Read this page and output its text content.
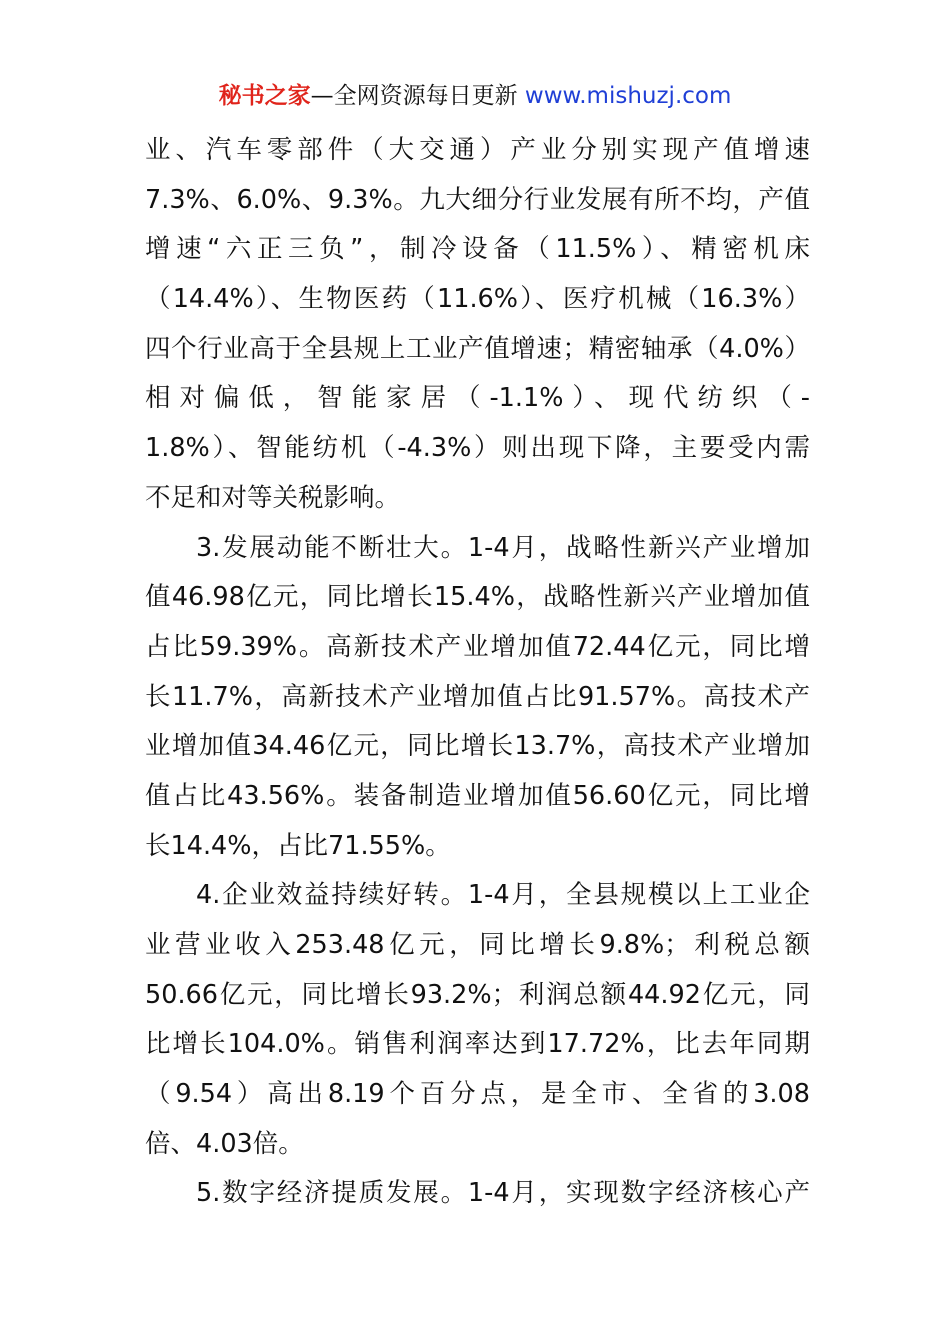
秘书之家—全网资源每日更新 www.mishuzj.com
业、汽车零部件（大交通）产业分别实现产值增速
7.3%、6.0%、9.3%。九大细分行业发展有所不均，产值
增速“六正三负”，制冷设备（11.5%）、精密机床
（14.4%）、生物医药（11.6%）、医疗机械（16.3%）
四个行业高于全县规上工业产值增速；精密轴承（4.0%）
相对偏低，智能家居（-1.1%）、现代纺织（-
1.8%）、智能纺机（-4.3%）则出现下降，主要受内需
不足和对等关税影响。
3.发展动能不断壮大。1-4月，战略性新兴产业增加
值46.98亿元，同比增长15.4%，战略性新兴产业增加值
占比59.39%。高新技术产业增加值72.44亿元，同比增
长11.7%，高新技术产业增加值占比91.57%。高技术产
业增加值34.46亿元，同比增长13.7%，高技术产业增加
值占比43.56%。装备制造业增加值56.60亿元，同比增
长14.4%，占比71.55%。
4.企业效益持续好转。1-4月，全县规模以上工业企
业营业收入253.48亿元，同比增长9.8%；利税总额
50.66亿元，同比增长93.2%；利润总额44.92亿元，同
比增长104.0%。销售利润率达到17.72%，比去年同期
（9.54）高出8.19个百分点，是全市、全省的3.08
倍、4.03倍。
5.数字经济提质发展。1-4月，实现数字经济核心产
